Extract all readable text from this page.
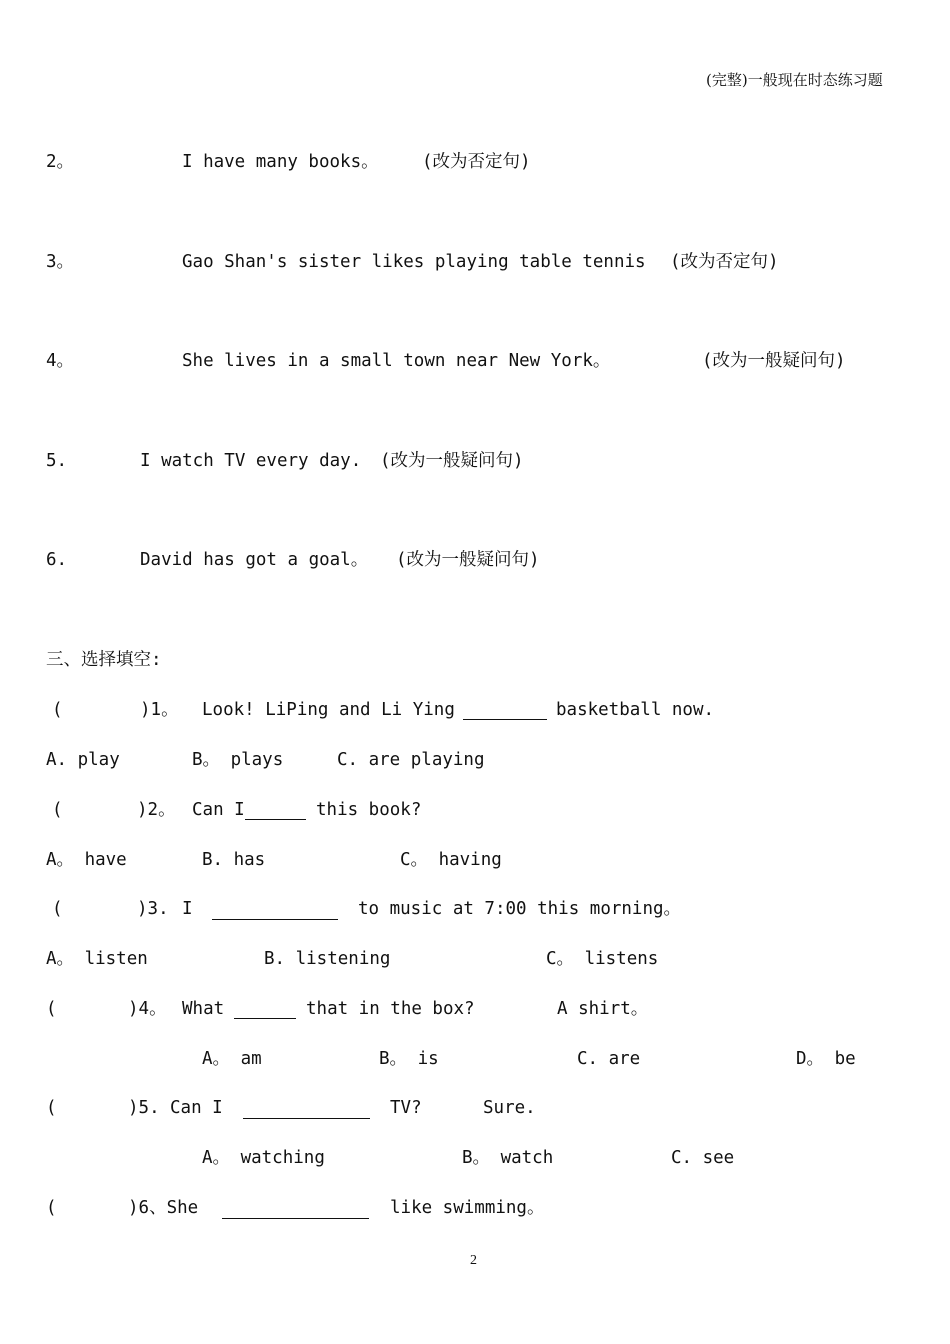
(完整)一般现在时态练习题
2。	I have many books。 (改为否定句)
3。	Gao Shan's sister likes playing table tennis (改为否定句)
4。	She lives in a small town near New York。	(改为一般疑问句)
5.	I watch TV every day. (改为一般疑问句)
6.	David has got a goal。 (改为一般疑问句)
三、选择填空:
(	)1。 Look! LiPing and Li Ying	basketball now.
A. play	B。 plays	C. are playing
(	)2。 Can I	this book?
A。 have	B. has	C。 having
(	)3. I	to music at 7:00 this morning。
A。 listen	B. listening	C。 listens
(	)4。 What	that in the box?	A shirt。
A。 am	B。 is	C. are	D。 be
(	)5. Can I	TV?	Sure.
A。 watching	B。 watch	C. see
(	)6、She	like swimming。
2
